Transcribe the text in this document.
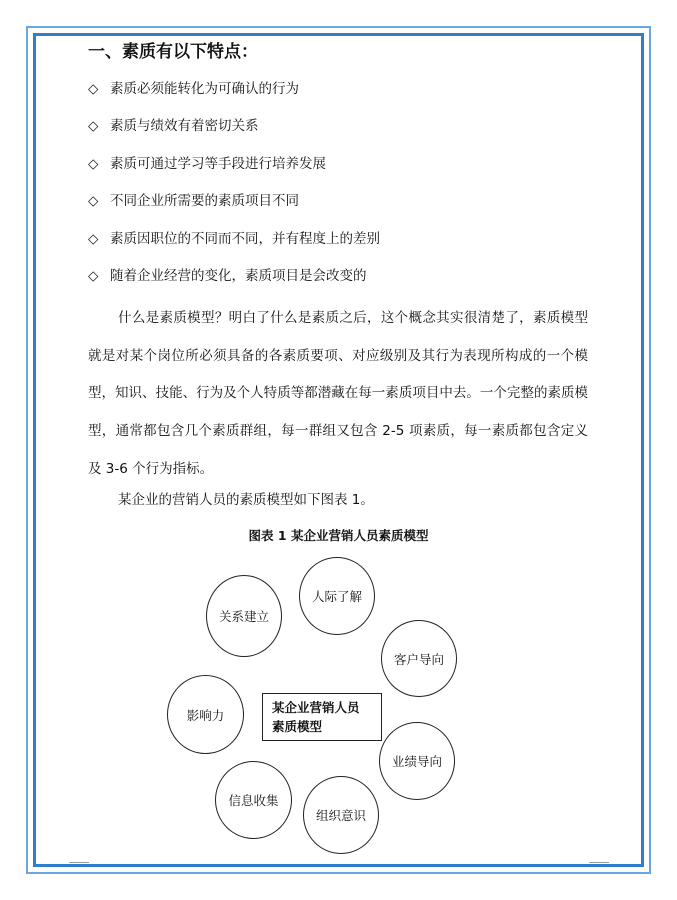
一、素质有以下特点：
◇ 素质必须能转化为可确认的行为
◇ 素质与绩效有着密切关系
◇ 素质可通过学习等手段进行培养发展
◇ 不同企业所需要的素质项目不同
◇ 素质因职位的不同而不同，并有程度上的差别
◇ 随着企业经营的变化，素质项目是会改变的

什么是素质模型？明白了什么是素质之后，这个概念其实很清楚了，素质模型就是对某个岗位所必须具备的各素质要项、对应级别及其行为表现所构成的一个模型，知识、技能、行为及个人特质等都潜藏在每一素质项目中去。一个完整的素质模型，通常都包含几个素质群组，每一群组又包含 2-5 项素质，每一素质都包含定义及 3-6 个行为指标。

某企业的营销人员的素质模型如下图表 1。

图表 1 某企业营销人员素质模型
关系建立
人际了解
客户导向
影响力
业绩导向
信息收集
组织意识
某企业营销人员
素质模型
